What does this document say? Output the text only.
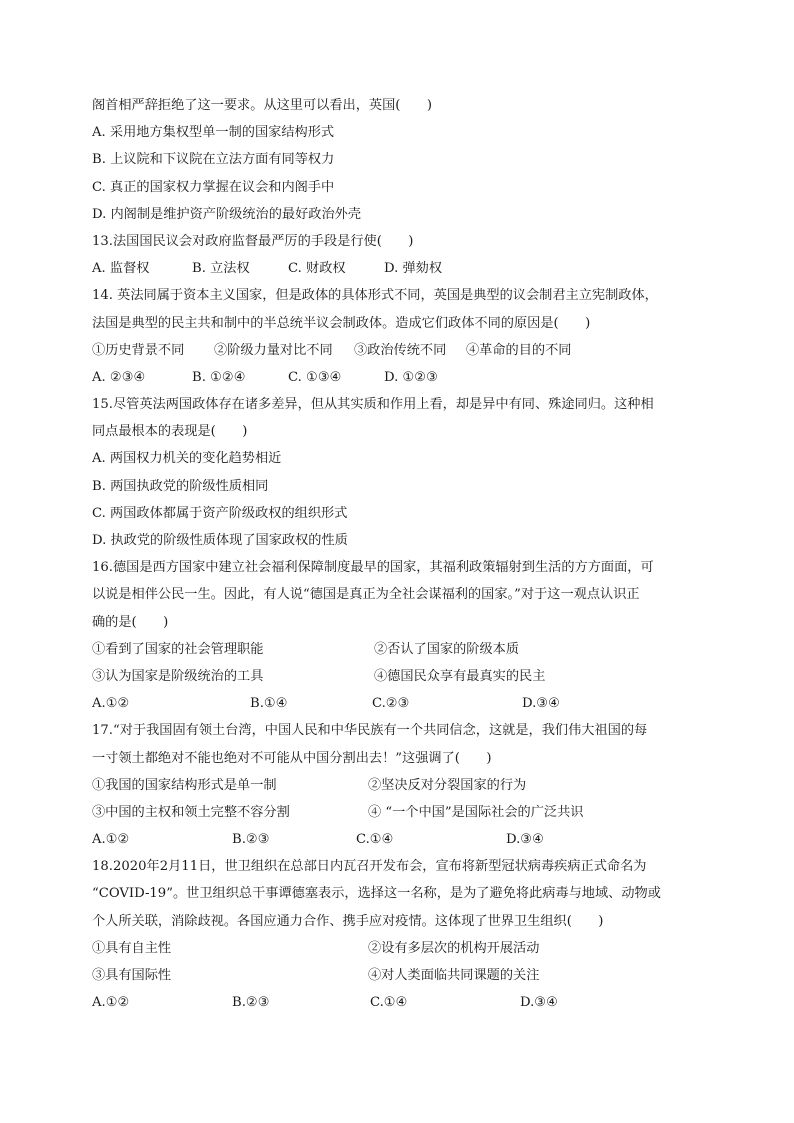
阁首相严辞拒绝了这一要求。从这里可以看出，英国(　　)
A. 采用地方集权型单一制的国家结构形式
B. 上议院和下议院在立法方面有同等权力
C. 真正的国家权力掌握在议会和内阁手中
D. 内阁制是维护资产阶级统治的最好政治外壳
13.法国国民议会对政府监督最严厉的手段是行使(　　)
A. 监督权	B. 立法权	C. 财政权	D. 弹劾权
14. 英法同属于资本主义国家，但是政体的具体形式不同，英国是典型的议会制君主立宪制政体，
法国是典型的民主共和制中的半总统半议会制政体。造成它们政体不同的原因是(　　)
①历史背景不同	②阶级力量对比不同	③政治传统不同	④革命的目的不同
A. ②③④	B. ①②④	C. ①③④	D. ①②③
15.尽管英法两国政体存在诸多差异，但从其实质和作用上看，却是异中有同、殊途同归。这种相
同点最根本的表现是(　　)
A. 两国权力机关的变化趋势相近
B. 两国执政党的阶级性质相同
C. 两国政体都属于资产阶级政权的组织形式
D. 执政党的阶级性质体现了国家政权的性质
16.德国是西方国家中建立社会福利保障制度最早的国家，其福利政策辐射到生活的方方面面，可
以说是相伴公民一生。因此，有人说“德国是真正为全社会谋福利的国家。”对于这一观点认识正
确的是(　　)
①看到了国家的社会管理职能	②否认了国家的阶级本质
③认为国家是阶级统治的工具	④德国民众享有最真实的民主
A.①②	B.①④	C.②③	D.③④
17.“对于我国固有领土台湾，中国人民和中华民族有一个共同信念，这就是，我们伟大祖国的每
一寸领土都绝对不能也绝对不可能从中国分割出去！”这强调了(　　)
①我国的国家结构形式是单一制	②坚决反对分裂国家的行为
③中国的主权和领土完整不容分割	④ “一个中国”是国际社会的广泛共识
A.①②	B.②③	C.①④	D.③④
18.2020年2月11日，世卫组织在总部日内瓦召开发布会，宣布将新型冠状病毒疾病正式命名为
“COVID-19”。世卫组织总干事谭德塞表示，选择这一名称，是为了避免将此病毒与地域、动物或
个人所关联，消除歧视。各国应通力合作、携手应对疫情。这体现了世界卫生组织(　　)
①具有自主性	②设有多层次的机构开展活动
③具有国际性	④对人类面临共同课题的关注
A.①②	B.②③	C.①④	D.③④
